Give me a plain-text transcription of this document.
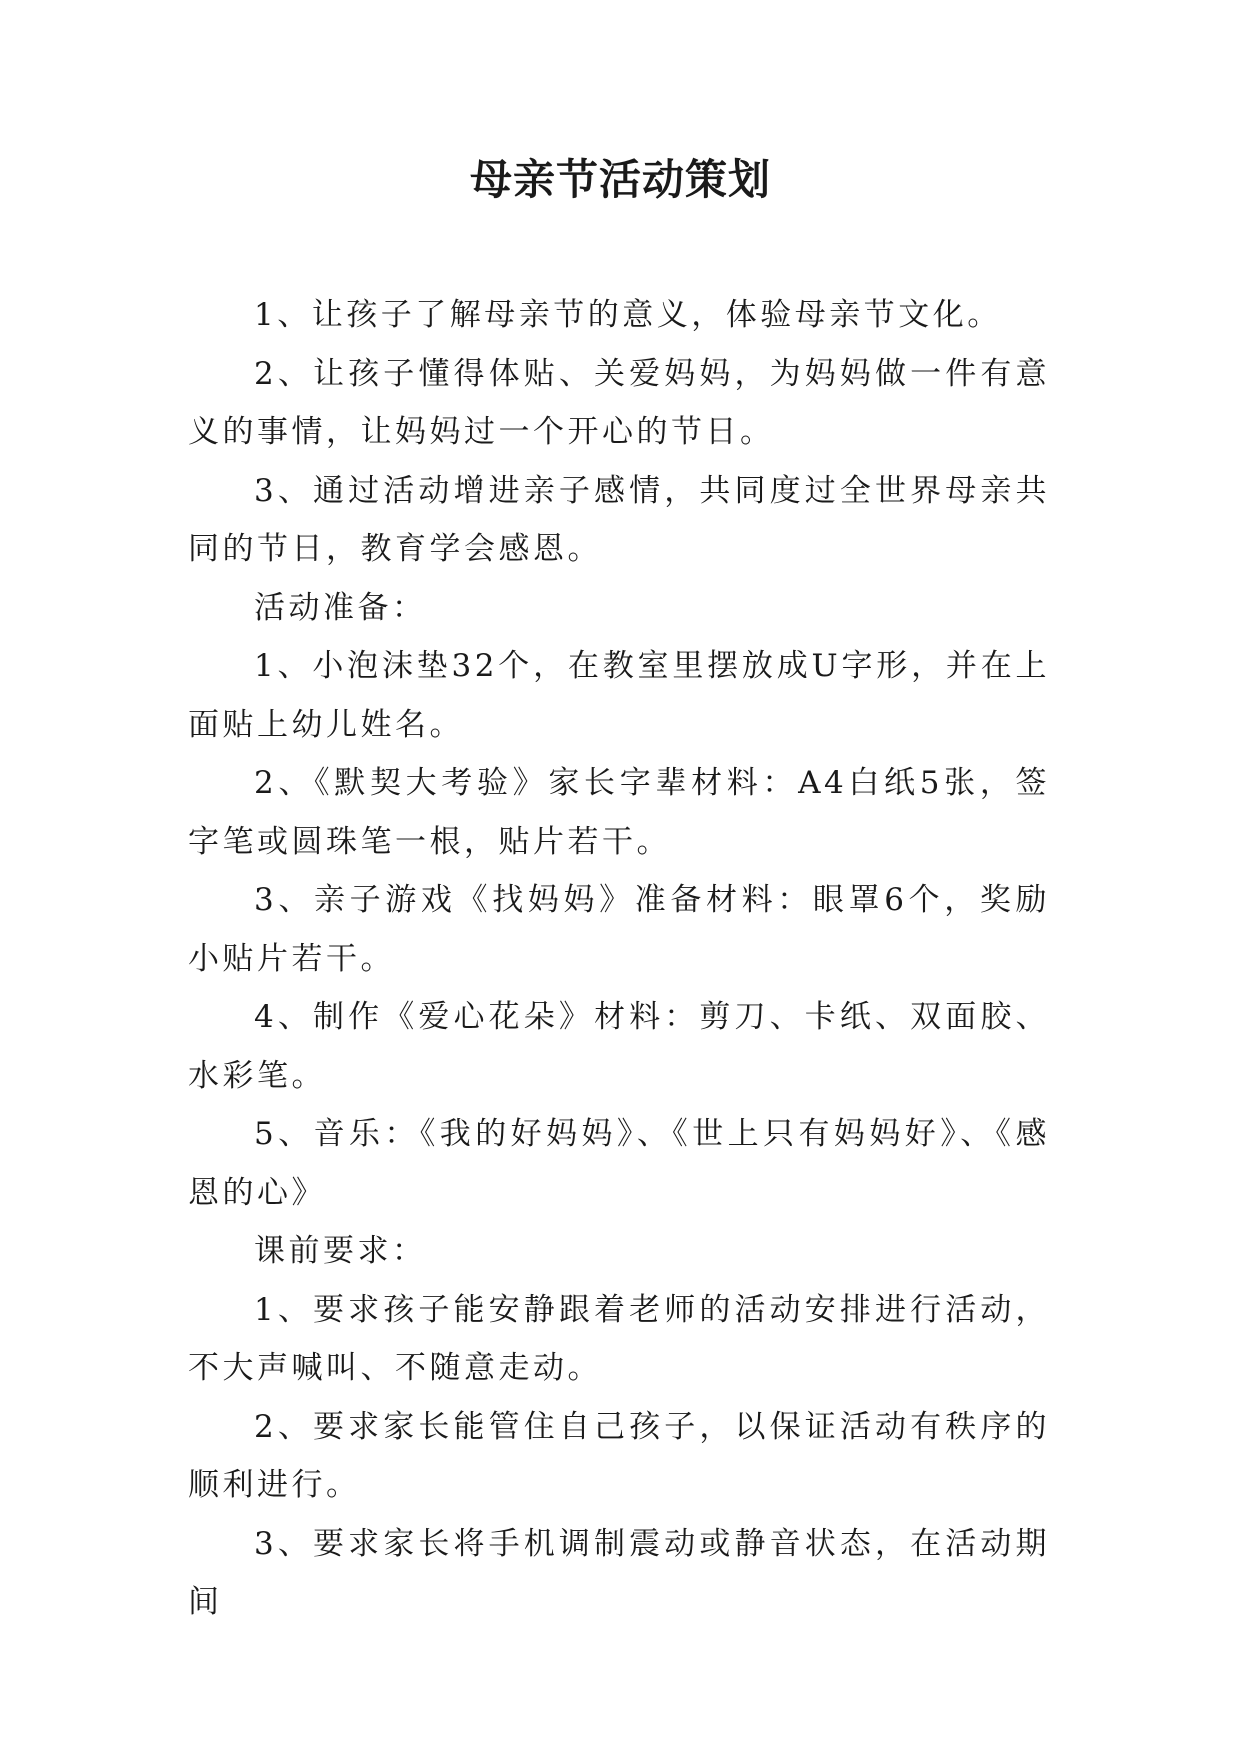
母亲节活动策划

1、让孩子了解母亲节的意义，体验母亲节文化。

2、让孩子懂得体贴、关爱妈妈，为妈妈做一件有意义的事情，让妈妈过一个开心的节日。

3、通过活动增进亲子感情，共同度过全世界母亲共同的节日，教育学会感恩。

活动准备：

1、小泡沫垫32个，在教室里摆放成U字形，并在上面贴上幼儿姓名。

2、《默契大考验》家长字辈材料：A4白纸5张，签字笔或圆珠笔一根，贴片若干。

3、亲子游戏《找妈妈》准备材料：眼罩6个，奖励小贴片若干。

4、制作《爱心花朵》材料：剪刀、卡纸、双面胶、水彩笔。

5、音乐：《我的好妈妈》、《世上只有妈妈好》、《感恩的心》

课前要求：

1、要求孩子能安静跟着老师的活动安排进行活动，不大声喊叫、不随意走动。

2、要求家长能管住自己孩子，以保证活动有秩序的顺利进行。

3、要求家长将手机调制震动或静音状态，在活动期间
